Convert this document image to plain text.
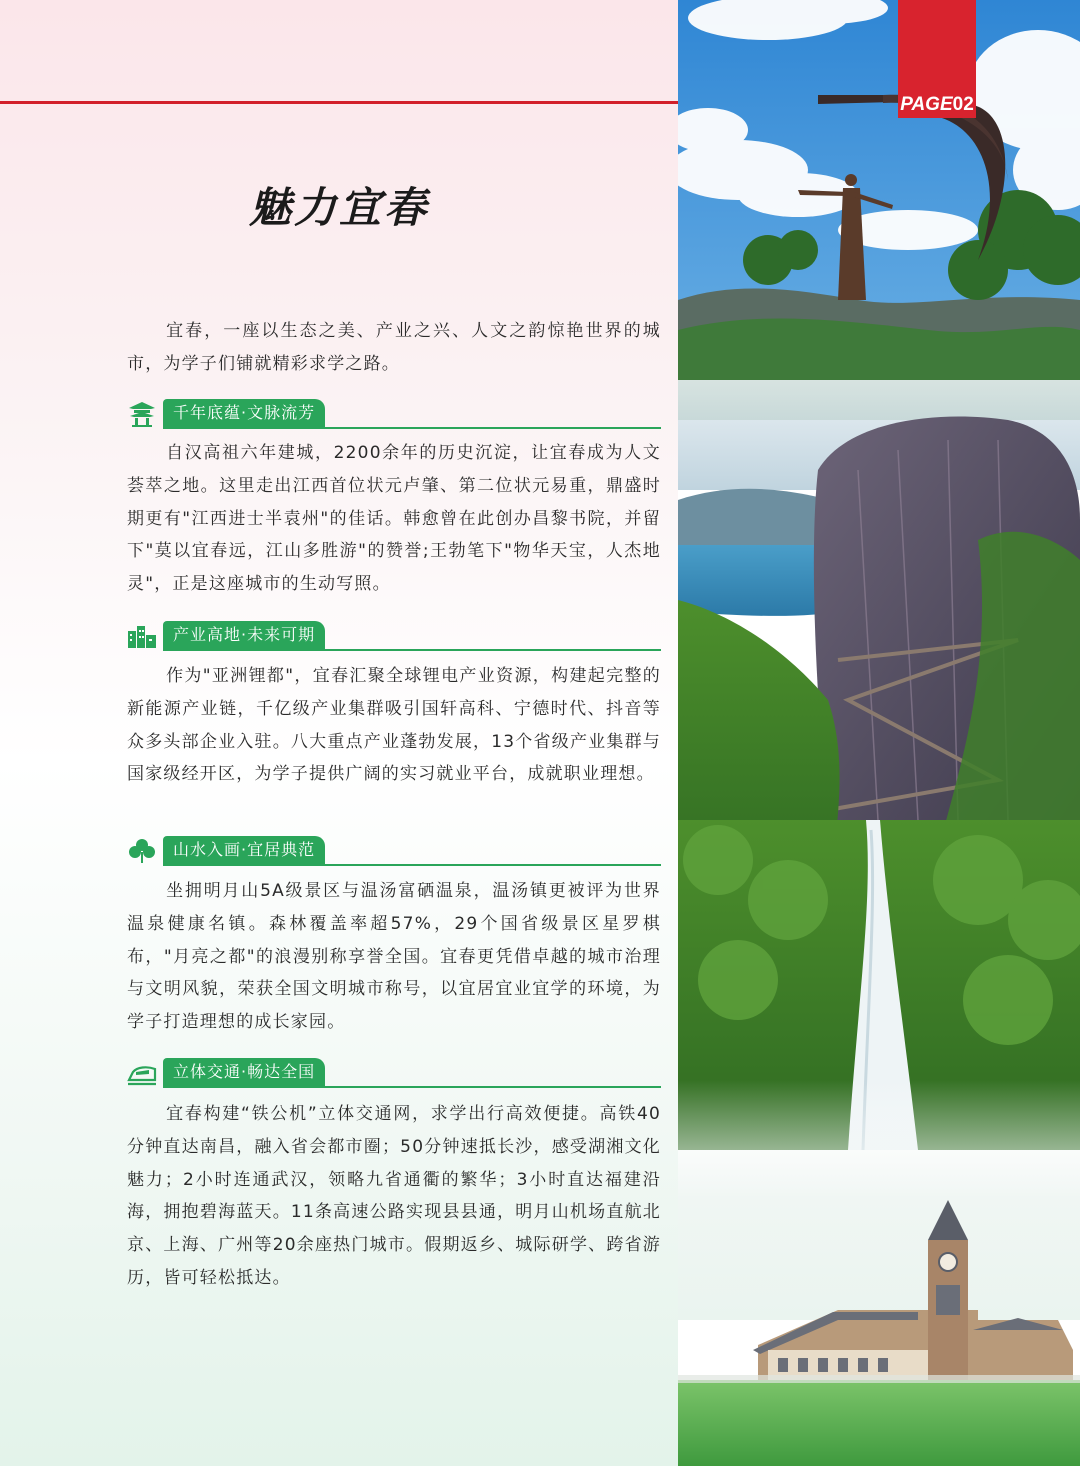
PAGE 02
魅力宜春

宜春，一座以生态之美、产业之兴、人文之韵惊艳世界的城市，为学子们铺就精彩求学之路。

千年底蕴·文脉流芳

自汉高祖六年建城，2200余年的历史沉淀，让宜春成为人文荟萃之地。这里走出江西首位状元卢肇、第二位状元易重，鼎盛时期更有"江西进士半袁州"的佳话。韩愈曾在此创办昌黎书院，并留下"莫以宜春远，江山多胜游"的赞誉;王勃笔下"物华天宝，人杰地灵"，正是这座城市的生动写照。

产业高地·未来可期

作为"亚洲锂都"，宜春汇聚全球锂电产业资源，构建起完整的新能源产业链，千亿级产业集群吸引国轩高科、宁德时代、抖音等众多头部企业入驻。八大重点产业蓬勃发展，13个省级产业集群与国家级经开区，为学子提供广阔的实习就业平台，成就职业理想。

山水入画·宜居典范

坐拥明月山5A级景区与温汤富硒温泉，温汤镇更被评为世界温泉健康名镇。森林覆盖率超57%，29个国省级景区星罗棋布，"月亮之都"的浪漫别称享誉全国。宜春更凭借卓越的城市治理与文明风貌，荣获全国文明城市称号，以宜居宜业宜学的环境，为学子打造理想的成长家园。

立体交通·畅达全国

宜春构建“铁公机”立体交通网，求学出行高效便捷。高铁40分钟直达南昌，融入省会都市圈；50分钟速抵长沙，感受湖湘文化魅力；2小时连通武汉，领略九省通衢的繁华；3小时直达福建沿海，拥抱碧海蓝天。11条高速公路实现县县通，明月山机场直航北京、上海、广州等20余座热门城市。假期返乡、城际研学、跨省游历，皆可轻松抵达。
